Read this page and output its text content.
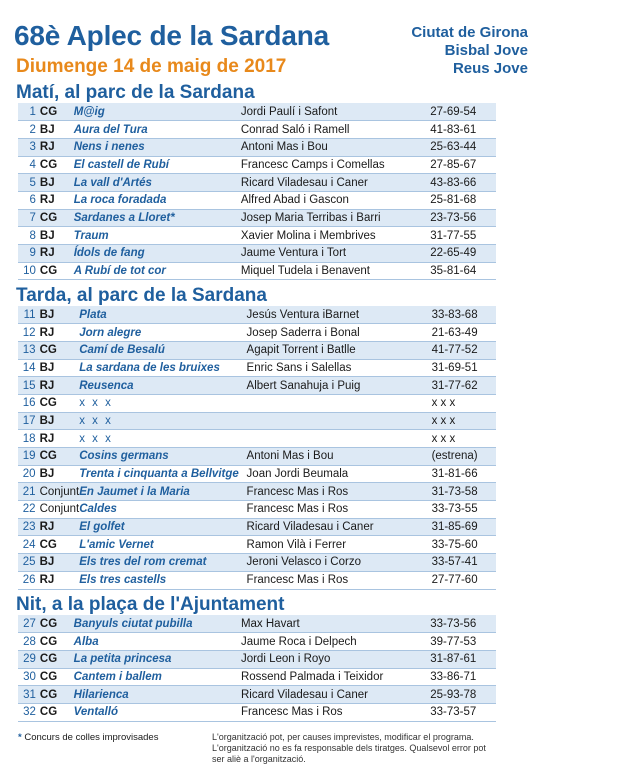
68è Aplec de la Sardana
Diumenge 14 de maig de 2017
Ciutat de Girona
Bisbal Jove
Reus Jove
Matí, al parc de la Sardana
1	CG	M@ig	Jordi Paulí i Safont	27-69-54
2	BJ	Aura del Tura	Conrad Saló i Ramell	41-83-61
3	RJ	Nens i nenes	Antoni Mas i Bou	25-63-44
4	CG	El castell de Rubí	Francesc Camps i Comellas	27-85-67
5	BJ	La vall d'Artés	Ricard Viladesau i Caner	43-83-66
6	RJ	La roca foradada	Alfred Abad i Gascon	25-81-68
7	CG	Sardanes a Lloret*	Josep Maria Terribas i Barri	23-73-56
8	BJ	Traum	Xavier Molina i Membrives	31-77-55
9	RJ	Ídols de fang	Jaume Ventura i Tort	22-65-49
10	CG	A Rubí de tot cor	Miquel Tudela i Benavent	35-81-64
Tarda, al parc de la Sardana
11	BJ	Plata	Jesús Ventura iBarnet	33-83-68
12	RJ	Jorn alegre	Josep Saderra i Bonal	21-63-49
13	CG	Camí de Besalú	Agapit Torrent i Batlle	41-77-52
14	BJ	La sardana de les bruixes	Enric Sans i Salellas	31-69-51
15	RJ	Reusenca	Albert Sanahuja i Puig	31-77-62
16	CG	x x x		x x x
17	BJ	x x x		x x x
18	RJ	x x x		x x x
19	CG	Cosins germans	Antoni Mas i Bou	(estrena)
20	BJ	Trenta i cinquanta a Bellvitge	Joan Jordi Beumala	31-81-66
21	Conjunt	En Jaumet i la Maria	Francesc Mas i Ros	31-73-58
22	Conjunt	Caldes	Francesc Mas i Ros	33-73-55
23	RJ	El golfet	Ricard Viladesau i Caner	31-85-69
24	CG	L'amic Vernet	Ramon Vilà i Ferrer	33-75-60
25	BJ	Els tres del rom cremat	Jeroni Velasco i Corzo	33-57-41
26	RJ	Els tres castells	Francesc Mas i Ros	27-77-60
Nit, a la plaça de l'Ajuntament
27	CG	Banyuls ciutat pubilla	Max Havart	33-73-56
28	CG	Alba	Jaume Roca i Delpech	39-77-53
29	CG	La petita princesa	Jordi Leon i Royo	31-87-61
30	CG	Cantem i ballem	Rossend Palmada i Teixidor	33-86-71
31	CG	Hilarienca	Ricard Viladesau i Caner	25-93-78
32	CG	Ventalló	Francesc Mas i Ros	33-73-57
* Concurs de colles improvisades	L'organització pot, per causes imprevistes, modificar el programa. L'organització no es fa responsable dels tiratges. Qualsevol error pot ser aliè a l'organització.
